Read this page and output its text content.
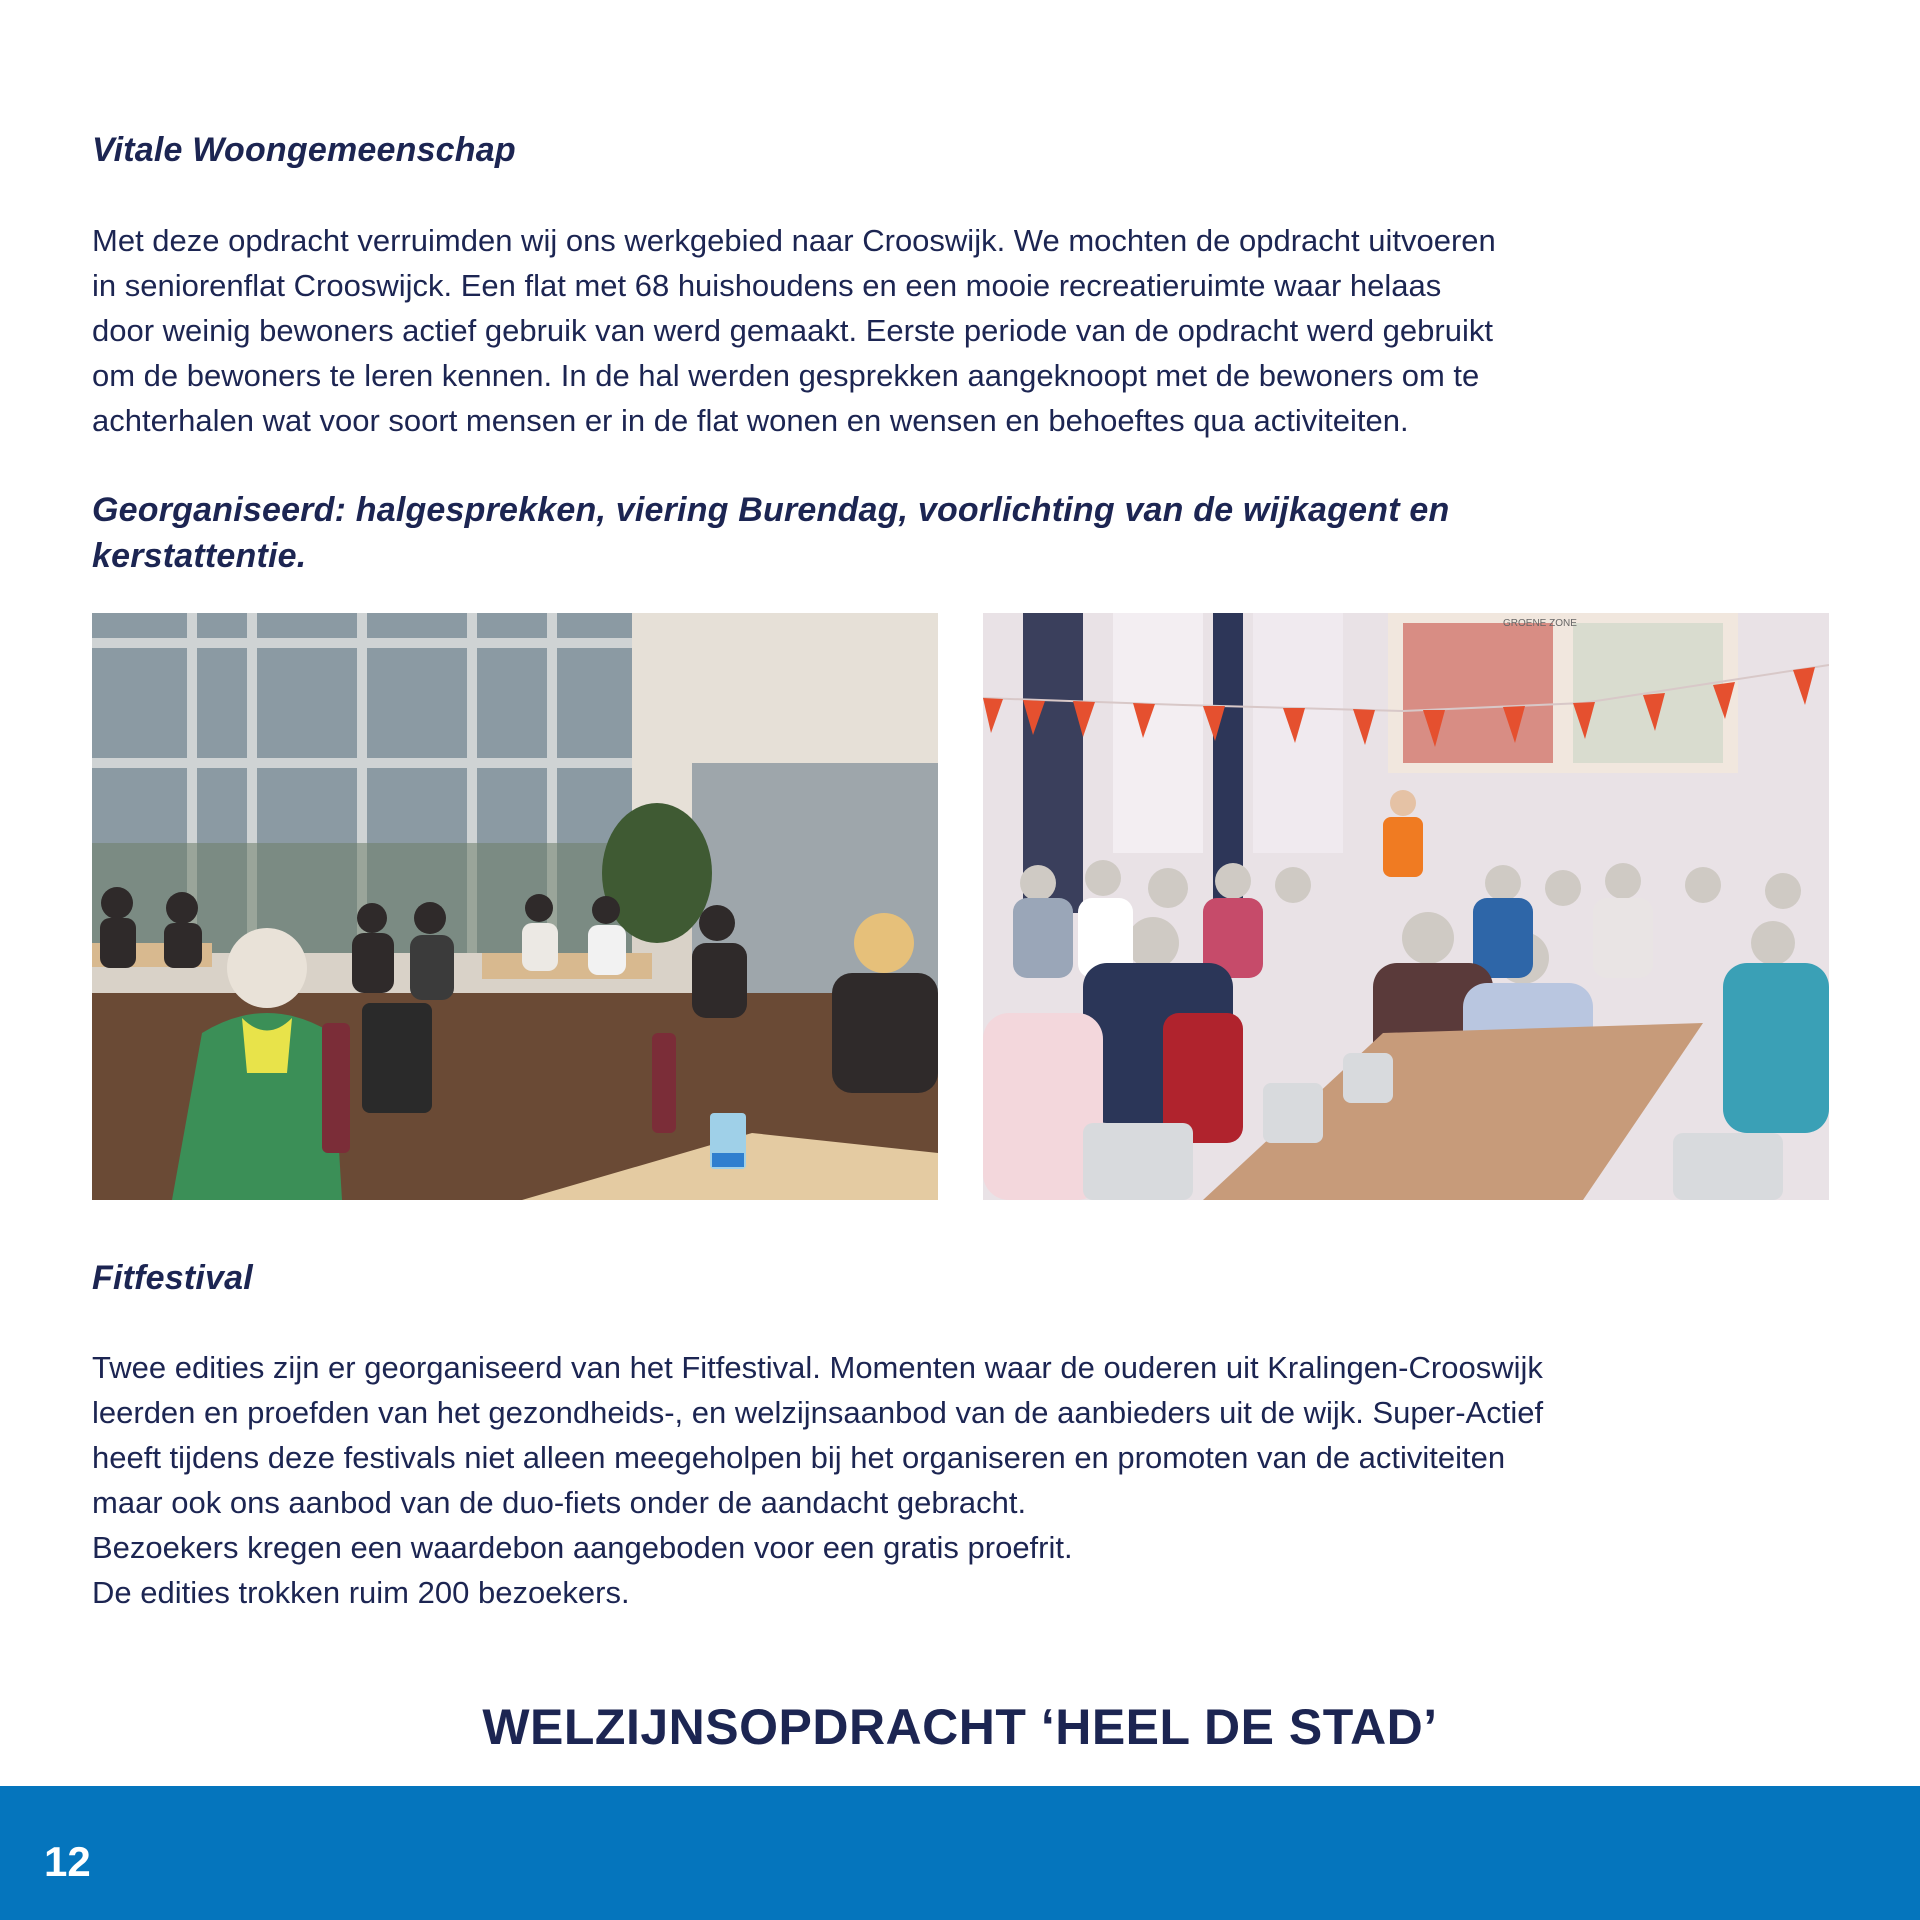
Vitale Woongemeenschap
Met deze opdracht verruimden wij ons werkgebied naar Crooswijk. We mochten de opdracht uitvoeren
in seniorenflat Crooswijck. Een flat met 68 huishoudens en een mooie recreatieruimte waar helaas
door weinig bewoners actief gebruik van werd gemaakt. Eerste periode van de opdracht werd gebruikt
om de bewoners te leren kennen. In de hal werden gesprekken aangeknoopt met de bewoners om te
achterhalen wat voor soort mensen er in de flat wonen en wensen en behoeftes qua activiteiten.
Georganiseerd: halgesprekken, viering Burendag, voorlichting van de wijkagent en
kerstattentie.
GROENE ZONE
Fitfestival
Twee edities zijn er georganiseerd van het Fitfestival. Momenten waar de ouderen uit Kralingen-Crooswijk
leerden en proefden van het gezondheids-, en welzijnsaanbod van de aanbieders uit de wijk. Super-Actief
heeft tijdens deze festivals niet alleen meegeholpen bij het organiseren en promoten van de activiteiten
maar ook ons aanbod van de duo-fiets onder de aandacht gebracht.
Bezoekers kregen een waardebon aangeboden voor een gratis proefrit.
De edities trokken ruim 200 bezoekers.
WELZIJNSOPDRACHT ‘HEEL DE STAD’
12
